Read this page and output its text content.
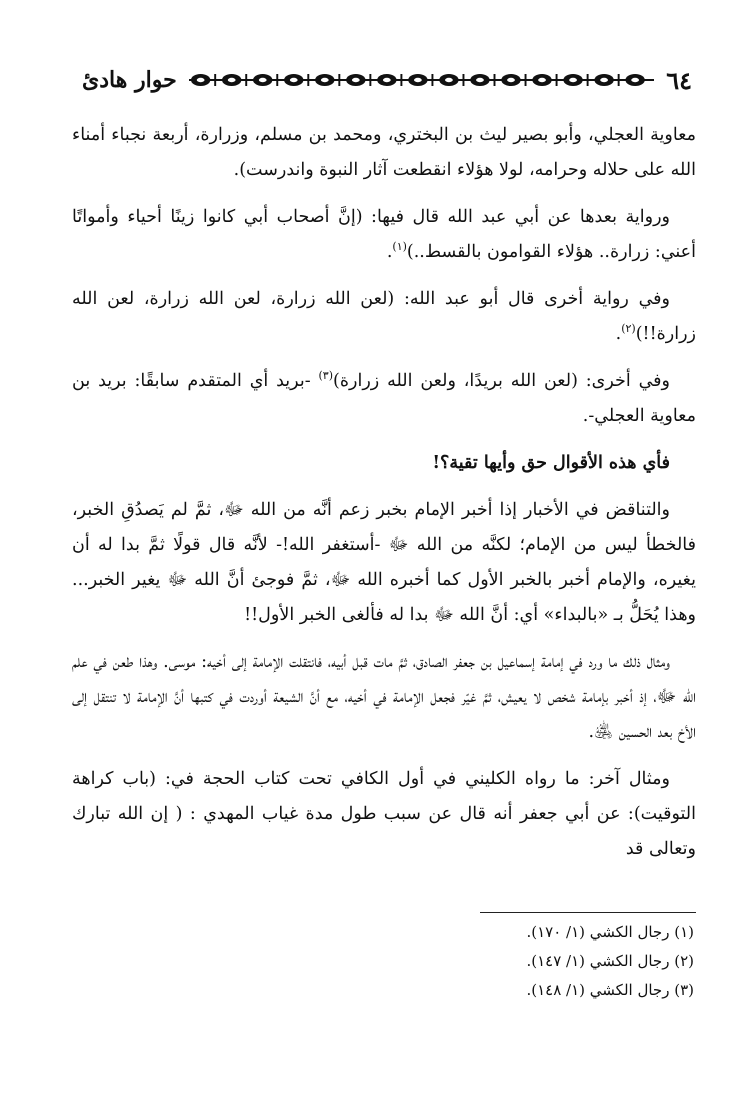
٦٤
حوار هادئ

معاوية العجلي، وأبو بصير ليث بن البختري، ومحمد بن مسلم، وزرارة، أربعة نجباء أمناء الله على حلاله وحرامه، لولا هؤلاء انقطعت آثار النبوة واندرست).

ورواية بعدها عن أبي عبد الله قال فيها: (إنَّ أصحاب أبي كانوا زينًا أحياء وأمواتًا أعني: زرارة.. هؤلاء القوامون بالقسط..)$^{(١)}$.

وفي رواية أخرى قال أبو عبد الله: (لعن الله زرارة، لعن الله زرارة، لعن الله زرارة!!)$^{(٢)}$.

وفي أخرى: (لعن الله بريدًا، ولعن الله زرارة)$^{(٣)}$ -بريد أي المتقدم سابقًا: بريد بن معاوية العجلي-.

فأي هذه الأقوال حق وأيها تقية؟!

والتناقض في الأخبار إذا أخبر الإمام بخبر زعم أنَّه من الله ﷻ، ثمَّ لم يَصدُقِ الخبر، فالخطأ ليس من الإمام؛ لكنَّه من الله ﷻ -أستغفر الله!- لأنَّه قال قولًا ثمَّ بدا له أن يغيره، والإمام أخبر بالخبر الأول كما أخبره الله ﷻ، ثمَّ فوجئ أنَّ الله ﷻ يغير الخبر... وهذا يُحَلُّ بـ «بالبداء» أي: أنَّ الله ﷻ بدا له فألغى الخبر الأول!!

ومثال ذلك ما ورد في إمامة إسماعيل بن جعفر الصادق، ثمَّ مات قبل أبيه، فانتقلت الإمامة إلى أخيه: موسى. وهذا طعن في علم الله ﷻ، إذ أخبر بإمامة شخص لا يعيش، ثمَّ غيّر فجعل الإمامة في أخيه، مع أنَّ الشيعة أوردت في كتبها أنَّ الإمامة لا تنتقل إلى الأخ بعد الحسين ﵁.

ومثال آخر: ما رواه الكليني في أول الكافي تحت كتاب الحجة في: (باب كراهة التوقيت): عن أبي جعفر أنه قال عن سبب طول مدة غياب المهدي : ( إن الله تبارك وتعالى قد

(١) رجال الكشي (١/ ١٧٠).

(٢) رجال الكشي (١/ ١٤٧).

(٣) رجال الكشي (١/ ١٤٨).
